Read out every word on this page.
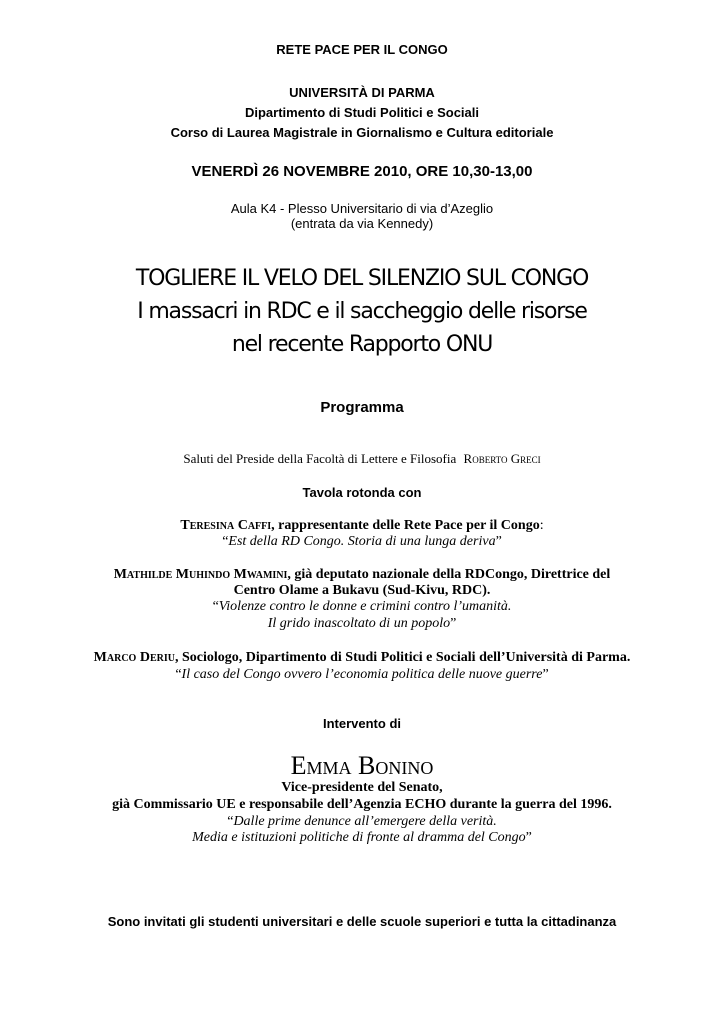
RETE PACE PER IL CONGO
UNIVERSITÀ DI PARMA
Dipartimento di Studi Politici e Sociali
Corso di Laurea Magistrale in Giornalismo e Cultura editoriale
VENERDÌ 26 NOVEMBRE 2010, ORE 10,30-13,00
Aula K4 - Plesso Universitario di via d’Azeglio
(entrata da via Kennedy)
TOGLIERE IL VELO DEL SILENZIO SUL CONGO
I massacri in RDC e il saccheggio delle risorse
nel recente Rapporto ONU
Programma
Saluti del Preside della Facoltà di Lettere e Filosofia Roberto Greci
Tavola rotonda con
Teresina Caffi, rappresentante delle Rete Pace per il Congo:
“Est della RD Congo. Storia di una lunga deriva”
Mathilde Muhindo Mwamini, già deputato nazionale della RDCongo, Direttrice del
Centro Olame a Bukavu (Sud-Kivu, RDC).
“Violenze contro le donne e crimini contro l’umanità.
Il grido inascoltato di un popolo”
Marco Deriu, Sociologo, Dipartimento di Studi Politici e Sociali dell’Università di Parma.
“Il caso del Congo ovvero l’economia politica delle nuove guerre”
Intervento di
Emma Bonino
Vice-presidente del Senato,
già Commissario UE e responsabile dell’Agenzia ECHO durante la guerra del 1996.
“Dalle prime denunce all’emergere della verità.
Media e istituzioni politiche di fronte al dramma del Congo”
Sono invitati gli studenti universitari e delle scuole superiori e tutta la cittadinanza
